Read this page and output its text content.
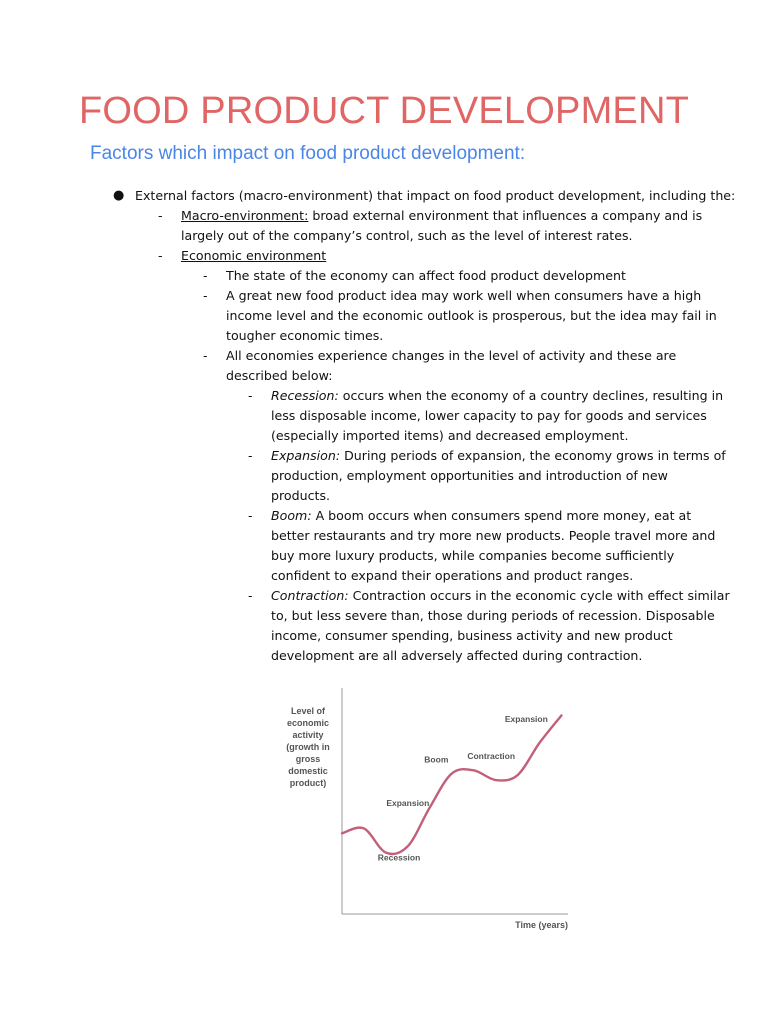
FOOD PRODUCT DEVELOPMENT
Factors which impact on food product development:
● External factors (macro-environment) that impact on food product development, including the:
- Macro-environment: broad external environment that influences a company and is
largely out of the company’s control, such as the level of interest rates.
- Economic environment
- The state of the economy can affect food product development
- A great new food product idea may work well when consumers have a high
income level and the economic outlook is prosperous, but the idea may fail in
tougher economic times.
- All economies experience changes in the level of activity and these are
described below:
- Recession: occurs when the economy of a country declines, resulting in
less disposable income, lower capacity to pay for goods and services
(especially imported items) and decreased employment.
- Expansion: During periods of expansion, the economy grows in terms of
production, employment opportunities and introduction of new
products.
- Boom: A boom occurs when consumers spend more money, eat at
better restaurants and try more new products. People travel more and
buy more luxury products, while companies become sufficiently
confident to expand their operations and product ranges.
- Contraction: Contraction occurs in the economic cycle with effect similar
to, but less severe than, those during periods of recession. Disposable
income, consumer spending, business activity and new product
development are all adversely affected during contraction.
Level of
economic
activity
(growth in
gross
domestic
product)
Recession
Expansion
Boom Contraction
Expansion
Time (years)
